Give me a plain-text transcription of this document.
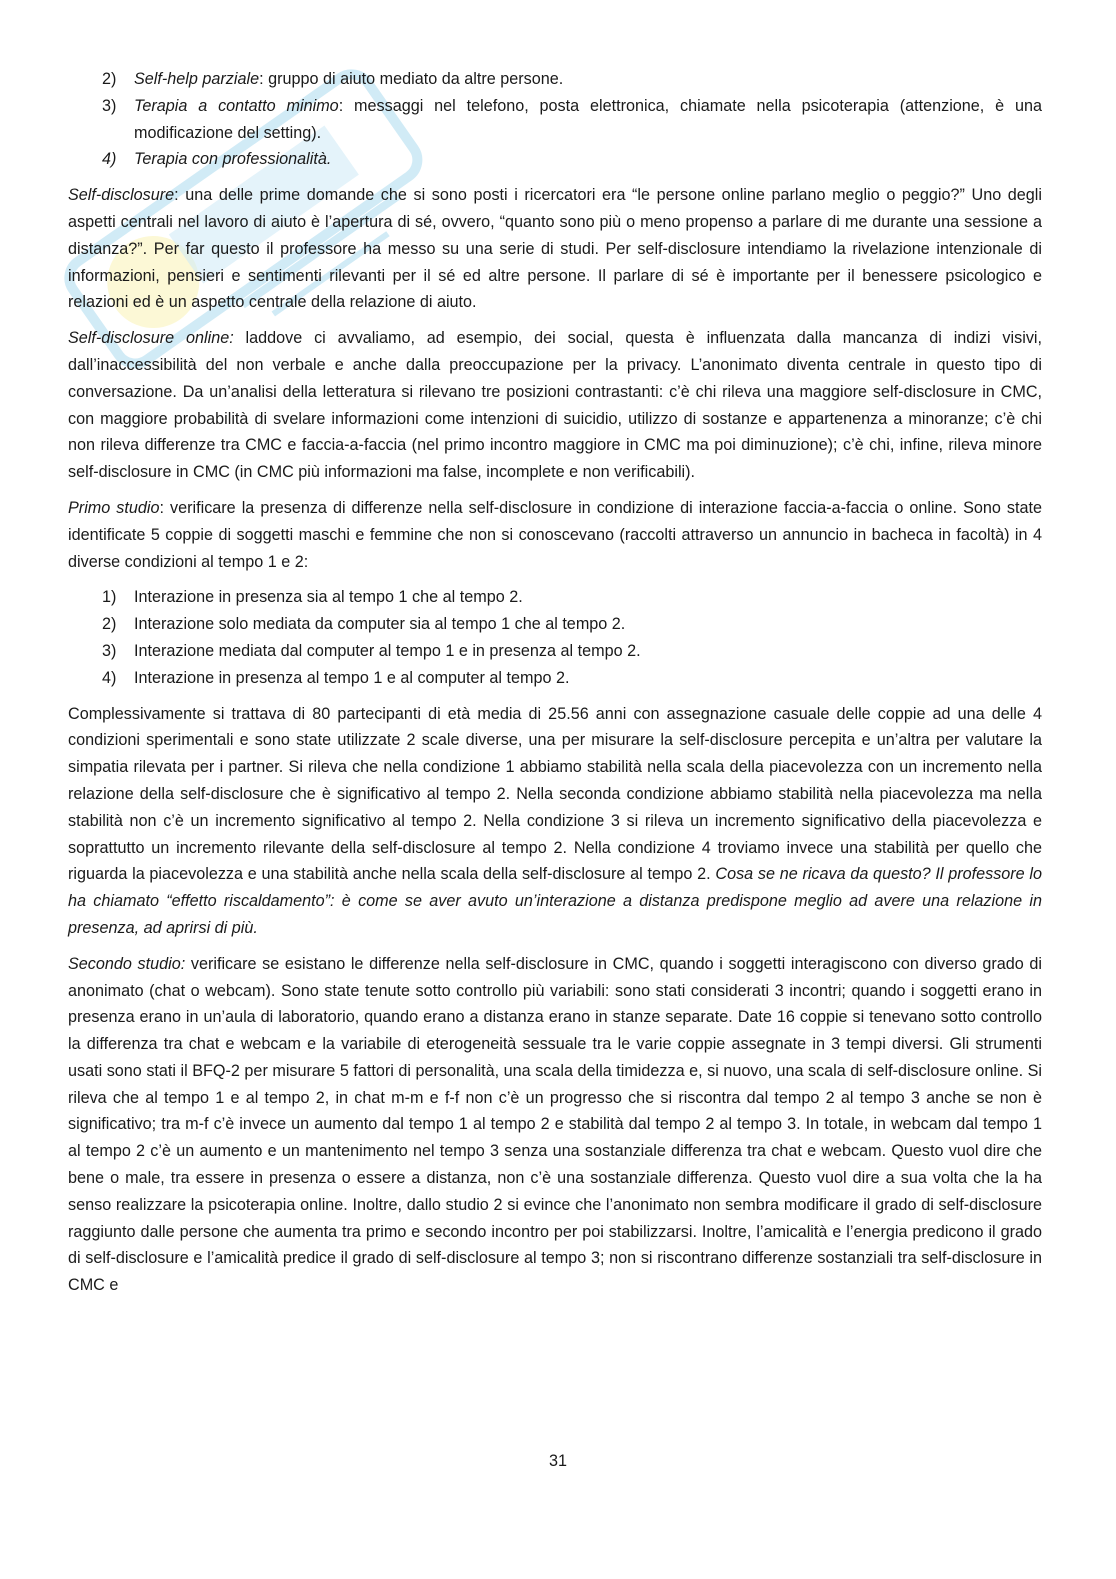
2)	Self-help parziale: gruppo di aiuto mediato da altre persone.
3)	Terapia a contatto minimo: messaggi nel telefono, posta elettronica, chiamate nella psicoterapia (attenzione, è una modificazione del setting).
4)	Terapia con professionalità.

Self-disclosure: una delle prime domande che si sono posti i ricercatori era “le persone online parlano meglio o peggio?” Uno degli aspetti centrali nel lavoro di aiuto è l’apertura di sé, ovvero, “quanto sono più o meno propenso a parlare di me durante una sessione a distanza?”. Per far questo il professore ha messo su una serie di studi. Per self-disclosure intendiamo la rivelazione intenzionale di informazioni, pensieri e sentimenti rilevanti per il sé ed altre persone. Il parlare di sé è importante per il benessere psicologico e relazioni ed è un aspetto centrale della relazione di aiuto.

Self-disclosure online: laddove ci avvaliamo, ad esempio, dei social, questa è influenzata dalla mancanza di indizi visivi, dall’inaccessibilità del non verbale e anche dalla preoccupazione per la privacy. L’anonimato diventa centrale in questo tipo di conversazione. Da un’analisi della letteratura si rilevano tre posizioni contrastanti: c’è chi rileva una maggiore self-disclosure in CMC, con maggiore probabilità di svelare informazioni come intenzioni di suicidio, utilizzo di sostanze e appartenenza a minoranze; c’è chi non rileva differenze tra CMC e faccia-a-faccia (nel primo incontro maggiore in CMC ma poi diminuzione); c’è chi, infine, rileva minore self-disclosure in CMC (in CMC più informazioni ma false, incomplete e non verificabili).

Primo studio: verificare la presenza di differenze nella self-disclosure in condizione di interazione faccia-a-faccia o online. Sono state identificate 5 coppie di soggetti maschi e femmine che non si conoscevano (raccolti attraverso un annuncio in bacheca in facoltà) in 4 diverse condizioni al tempo 1 e 2:

1)	Interazione in presenza sia al tempo 1 che al tempo 2.
2)	Interazione solo mediata da computer sia al tempo 1 che al tempo 2.
3)	Interazione mediata dal computer al tempo 1 e in presenza al tempo 2.
4)	Interazione in presenza al tempo 1 e al computer al tempo 2.

Complessivamente si trattava di 80 partecipanti di età media di 25.56 anni con assegnazione casuale delle coppie ad una delle 4 condizioni sperimentali e sono state utilizzate 2 scale diverse, una per misurare la self-disclosure percepita e un’altra per valutare la simpatia rilevata per i partner. Si rileva che nella condizione 1 abbiamo stabilità nella scala della piacevolezza con un incremento nella relazione della self-disclosure che è significativo al tempo 2. Nella seconda condizione abbiamo stabilità nella piacevolezza ma nella stabilità non c’è un incremento significativo al tempo 2. Nella condizione 3 si rileva un incremento significativo della piacevolezza e soprattutto un incremento rilevante della self-disclosure al tempo 2. Nella condizione 4 troviamo invece una stabilità per quello che riguarda la piacevolezza e una stabilità anche nella scala della self-disclosure al tempo 2. Cosa se ne ricava da questo? Il professore lo ha chiamato “effetto riscaldamento”: è come se aver avuto un’interazione a distanza predispone meglio ad avere una relazione in presenza, ad aprirsi di più.

Secondo studio: verificare se esistano le differenze nella self-disclosure in CMC, quando i soggetti interagiscono con diverso grado di anonimato (chat o webcam). Sono state tenute sotto controllo più variabili: sono stati considerati 3 incontri; quando i soggetti erano in presenza erano in un’aula di laboratorio, quando erano a distanza erano in stanze separate. Date 16 coppie si tenevano sotto controllo la differenza tra chat e webcam e la variabile di eterogeneità sessuale tra le varie coppie assegnate in 3 tempi diversi. Gli strumenti usati sono stati il BFQ-2 per misurare 5 fattori di personalità, una scala della timidezza e, si nuovo, una scala di self-disclosure online. Si rileva che al tempo 1 e al tempo 2, in chat m-m e f-f non c’è un progresso che si riscontra dal tempo 2 al tempo 3 anche se non è significativo; tra m-f c’è invece un aumento dal tempo 1 al tempo 2 e stabilità dal tempo 2 al tempo 3. In totale, in webcam dal tempo 1 al tempo 2 c’è un aumento e un mantenimento nel tempo 3 senza una sostanziale differenza tra chat e webcam. Questo vuol dire che bene o male, tra essere in presenza o essere a distanza, non c’è una sostanziale differenza. Questo vuol dire a sua volta che la ha senso realizzare la psicoterapia online. Inoltre, dallo studio 2 si evince che l’anonimato non sembra modificare il grado di self-disclosure raggiunto dalle persone che aumenta tra primo e secondo incontro per poi stabilizzarsi. Inoltre, l’amicalità e l’energia predicono il grado di self-disclosure e l’amicalità predice il grado di self-disclosure al tempo 3; non si riscontrano differenze sostanziali tra self-disclosure in CMC e

31
